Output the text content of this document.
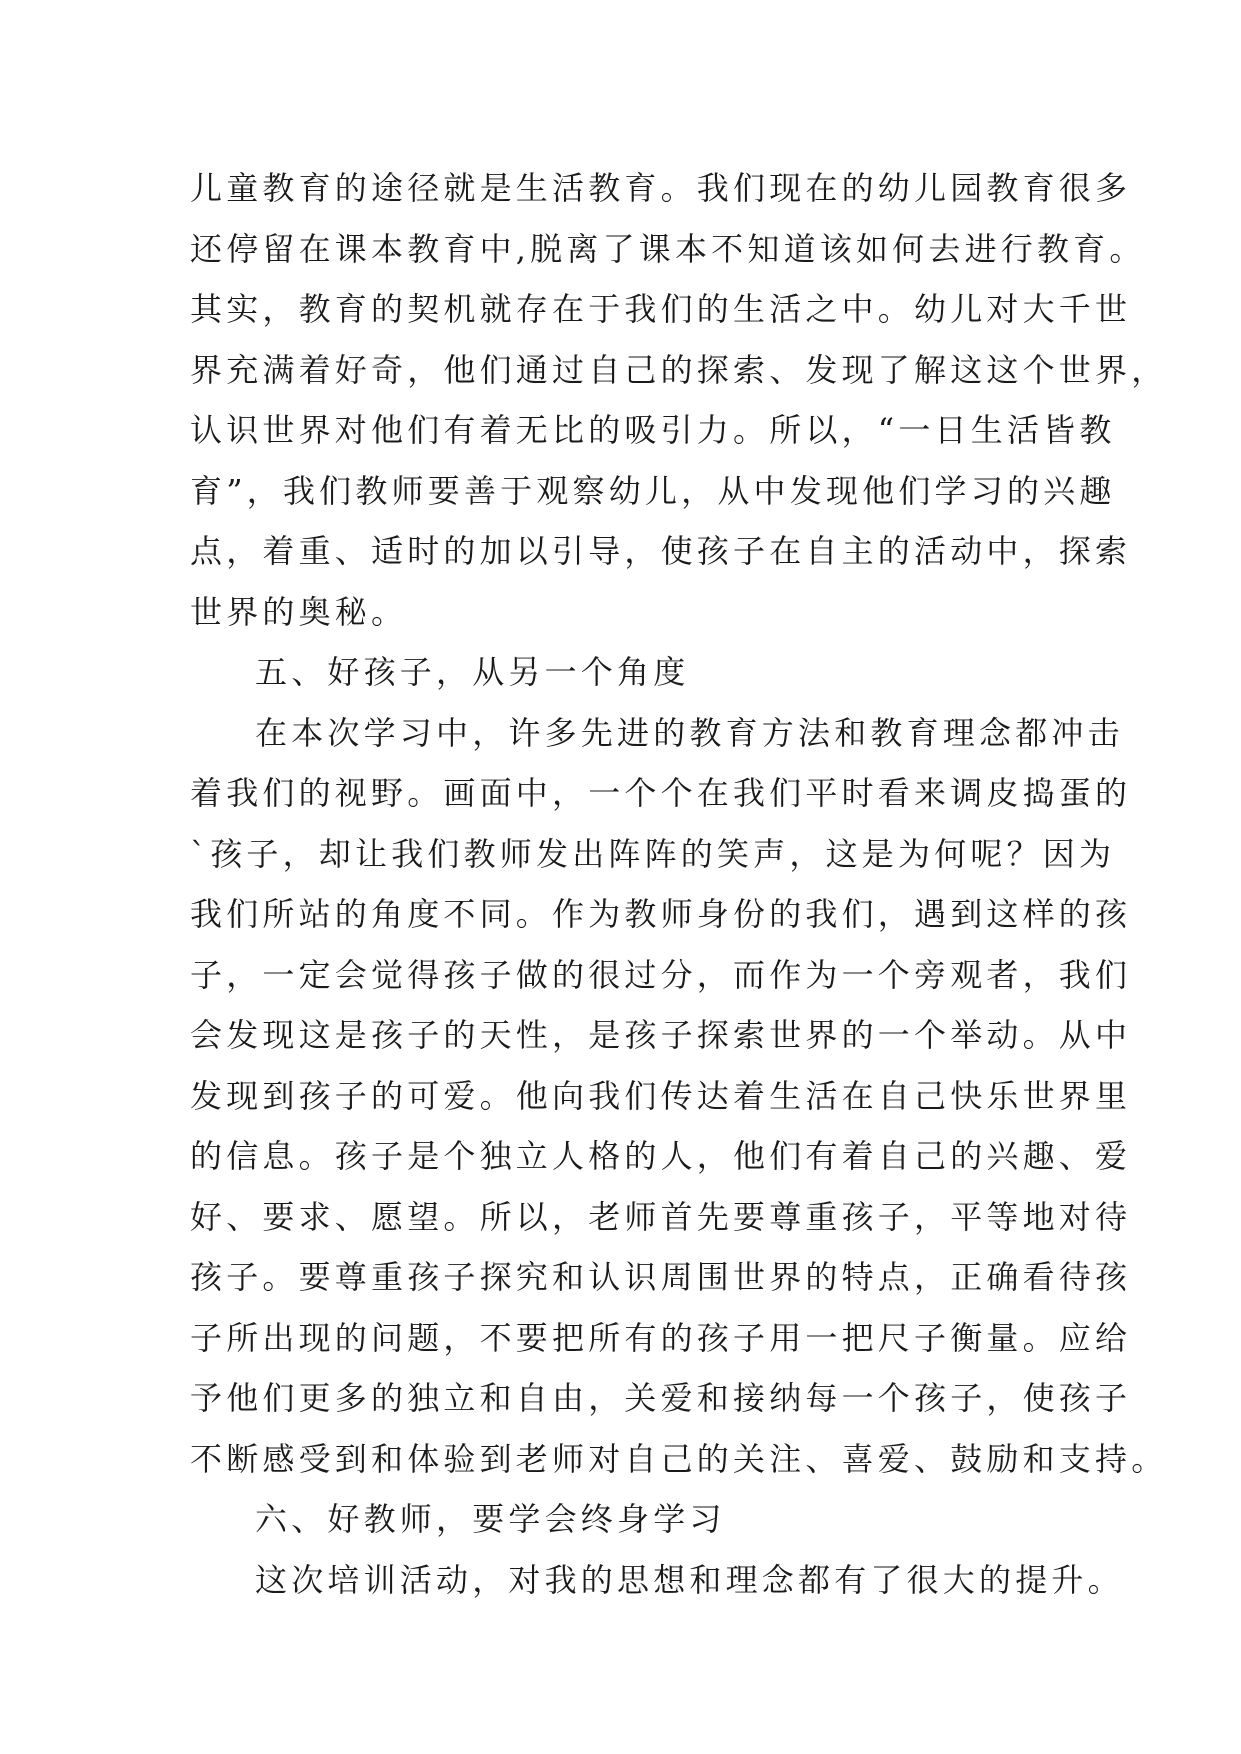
儿童教育的途径就是生活教育。我们现在的幼儿园教育很多
还停留在课本教育中,脱离了课本不知道该如何去进行教育。
其实，教育的契机就存在于我们的生活之中。幼儿对大千世
界充满着好奇，他们通过自己的探索、发现了解这这个世界，
认识世界对他们有着无比的吸引力。所以，“一日生活皆教
育”，我们教师要善于观察幼儿，从中发现他们学习的兴趣
点，着重、适时的加以引导，使孩子在自主的活动中，探索
世界的奥秘。
五、好孩子，从另一个角度
在本次学习中，许多先进的教育方法和教育理念都冲击
着我们的视野。画面中，一个个在我们平时看来调皮捣蛋的
`孩子，却让我们教师发出阵阵的笑声，这是为何呢？因为
我们所站的角度不同。作为教师身份的我们，遇到这样的孩
子，一定会觉得孩子做的很过分，而作为一个旁观者，我们
会发现这是孩子的天性，是孩子探索世界的一个举动。从中
发现到孩子的可爱。他向我们传达着生活在自己快乐世界里
的信息。孩子是个独立人格的人，他们有着自己的兴趣、爱
好、要求、愿望。所以，老师首先要尊重孩子，平等地对待
孩子。要尊重孩子探究和认识周围世界的特点，正确看待孩
子所出现的问题，不要把所有的孩子用一把尺子衡量。应给
予他们更多的独立和自由，关爱和接纳每一个孩子，使孩子
不断感受到和体验到老师对自己的关注、喜爱、鼓励和支持。
六、好教师，要学会终身学习
这次培训活动，对我的思想和理念都有了很大的提升。
